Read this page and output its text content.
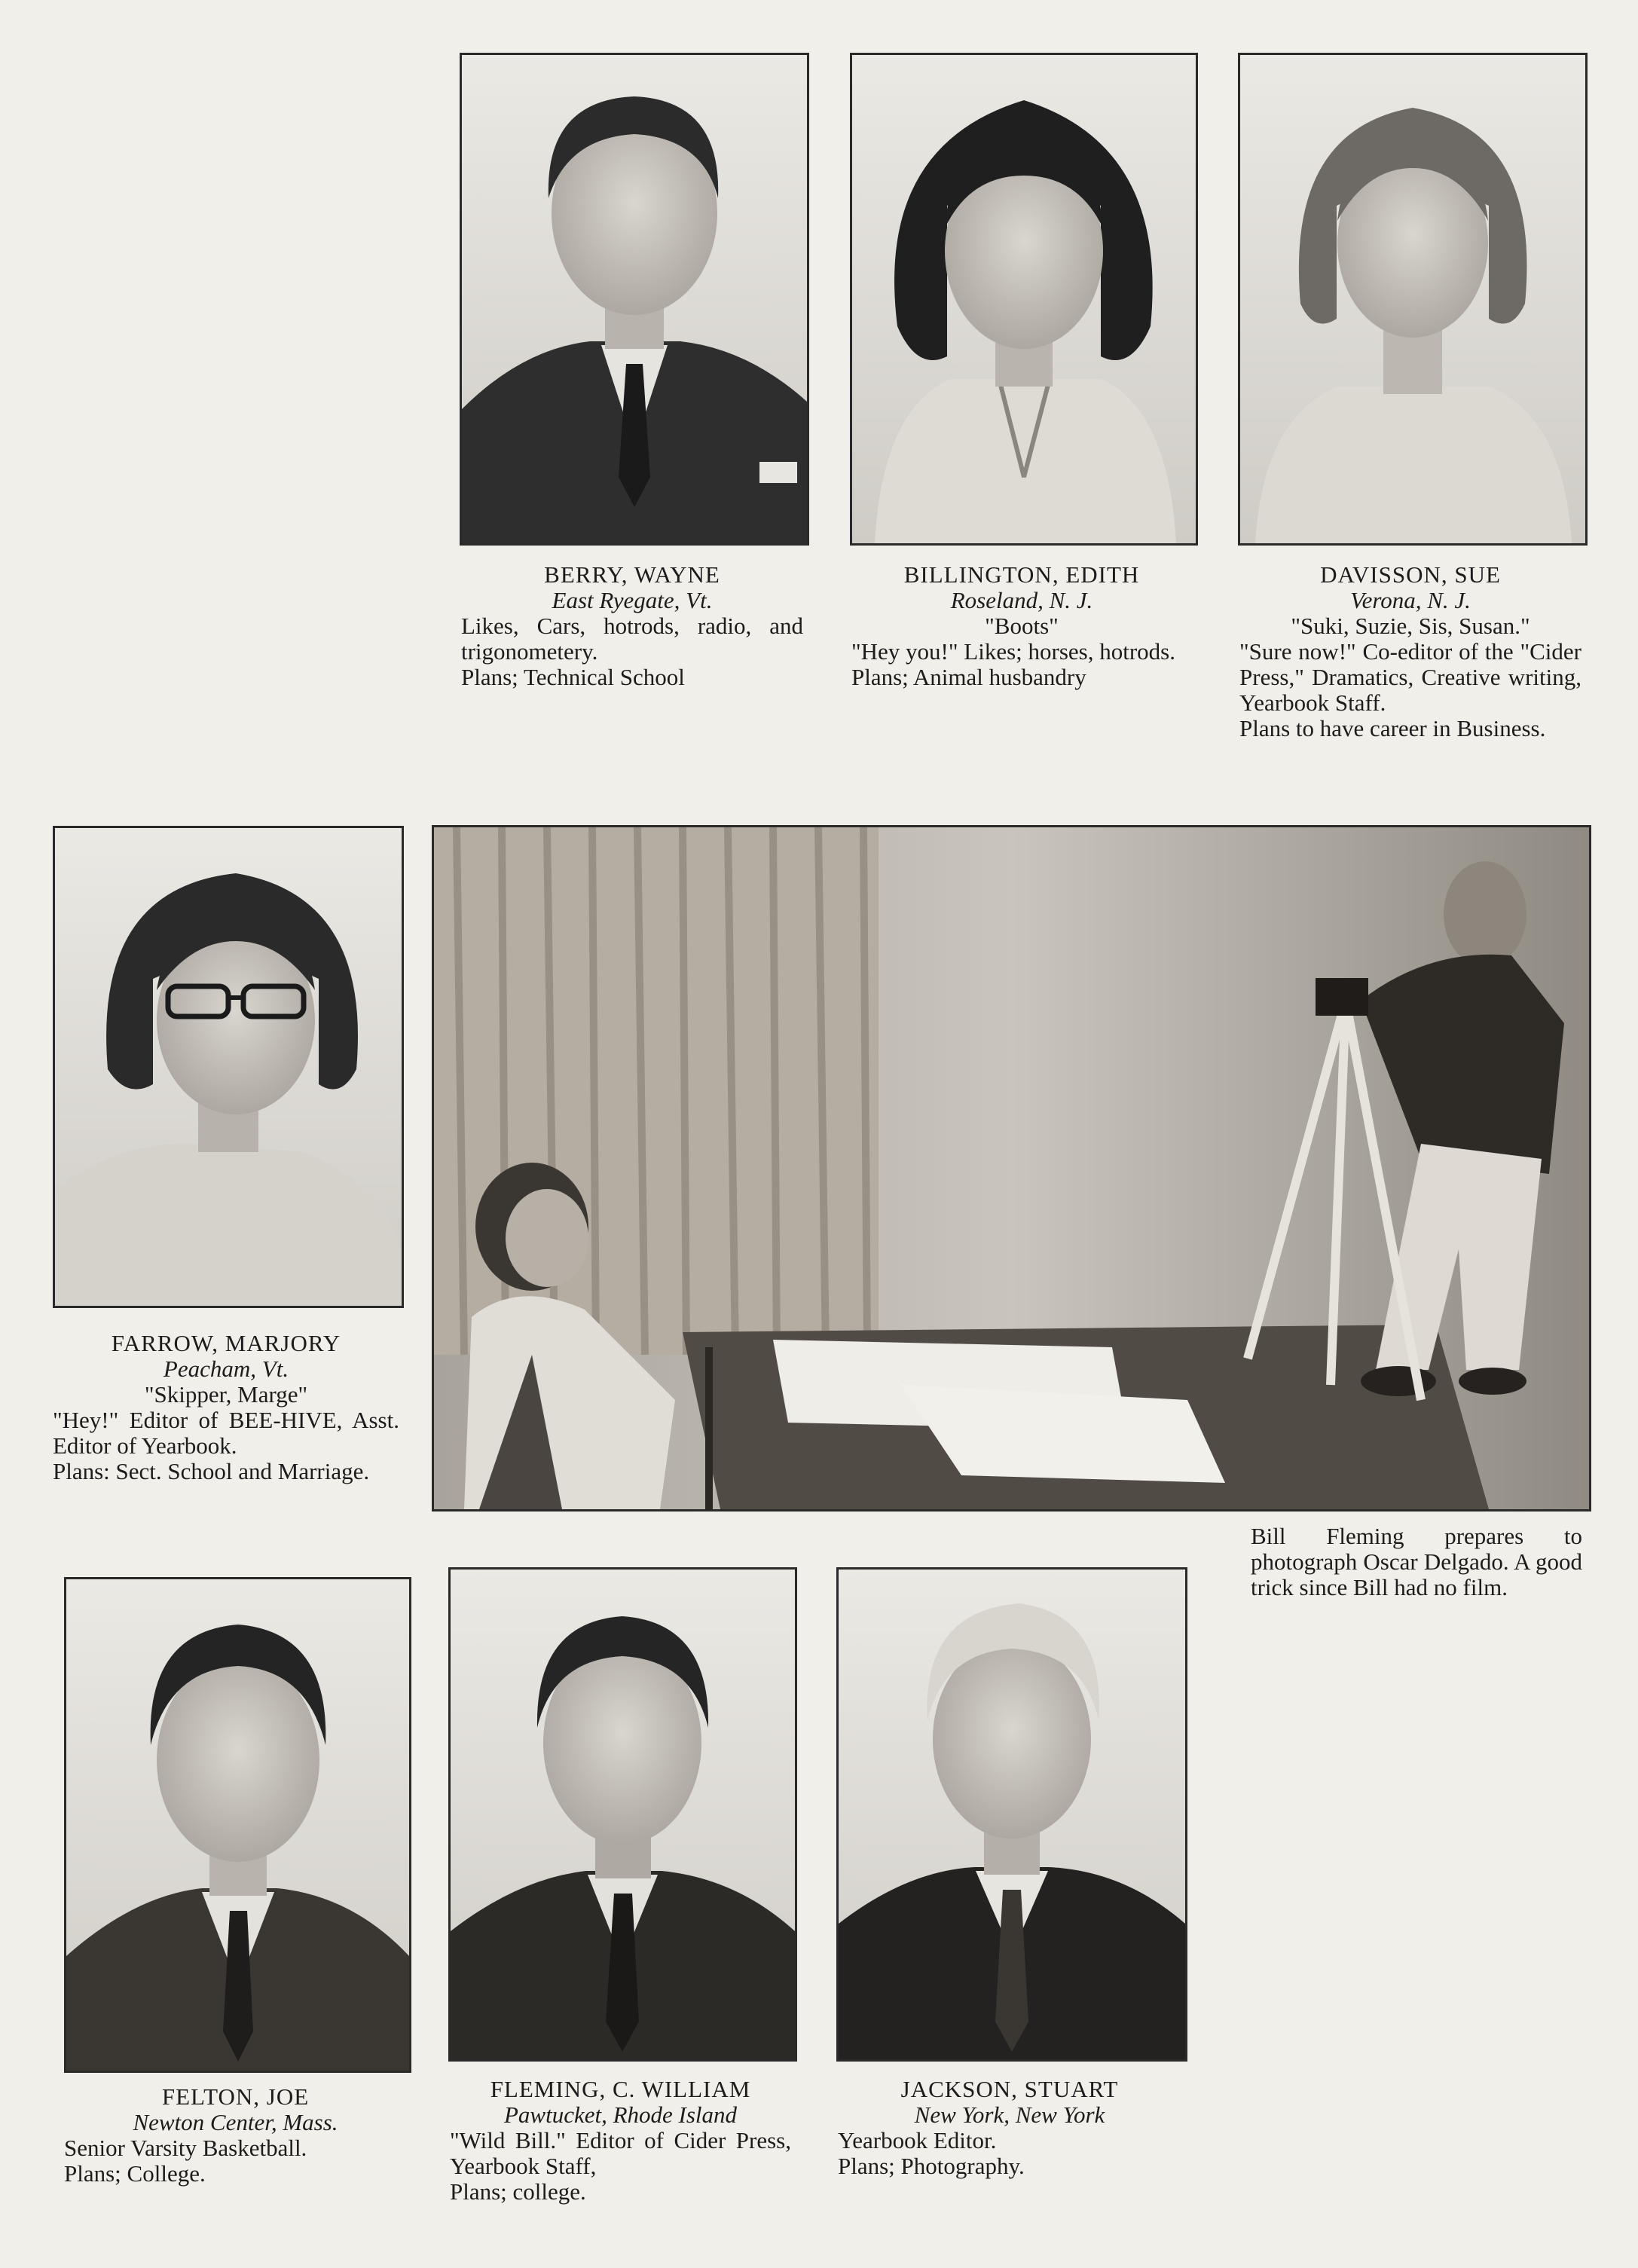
BERRY, WAYNE

East Ryegate, Vt.

Likes, Cars, hotrods, radio, and trigonometery.

Plans; Technical School

BILLINGTON, EDITH

Roseland, N. J.

"Boots"

"Hey you!" Likes; horses, hotrods.

Plans; Animal husbandry

DAVISSON, SUE

Verona, N. J.

"Suki, Suzie, Sis, Susan."

"Sure now!" Co-editor of the "Cider Press," Dramatics, Creative writing, Yearbook Staff.

Plans to have career in Business.

FARROW, MARJORY

Peacham, Vt.

"Skipper, Marge"

"Hey!" Editor of BEE-HIVE, Asst. Editor of Yearbook.

Plans: Sect. School and Marriage.

Bill Fleming prepares to photograph Oscar Delgado. A good trick since Bill had no film.

FELTON, JOE

Newton Center, Mass.

Senior Varsity Basketball.

Plans; College.

FLEMING, C. WILLIAM

Pawtucket, Rhode Island

"Wild Bill." Editor of Cider Press, Yearbook Staff,

Plans; college.

JACKSON, STUART

New York, New York

Yearbook Editor.

Plans; Photography.
